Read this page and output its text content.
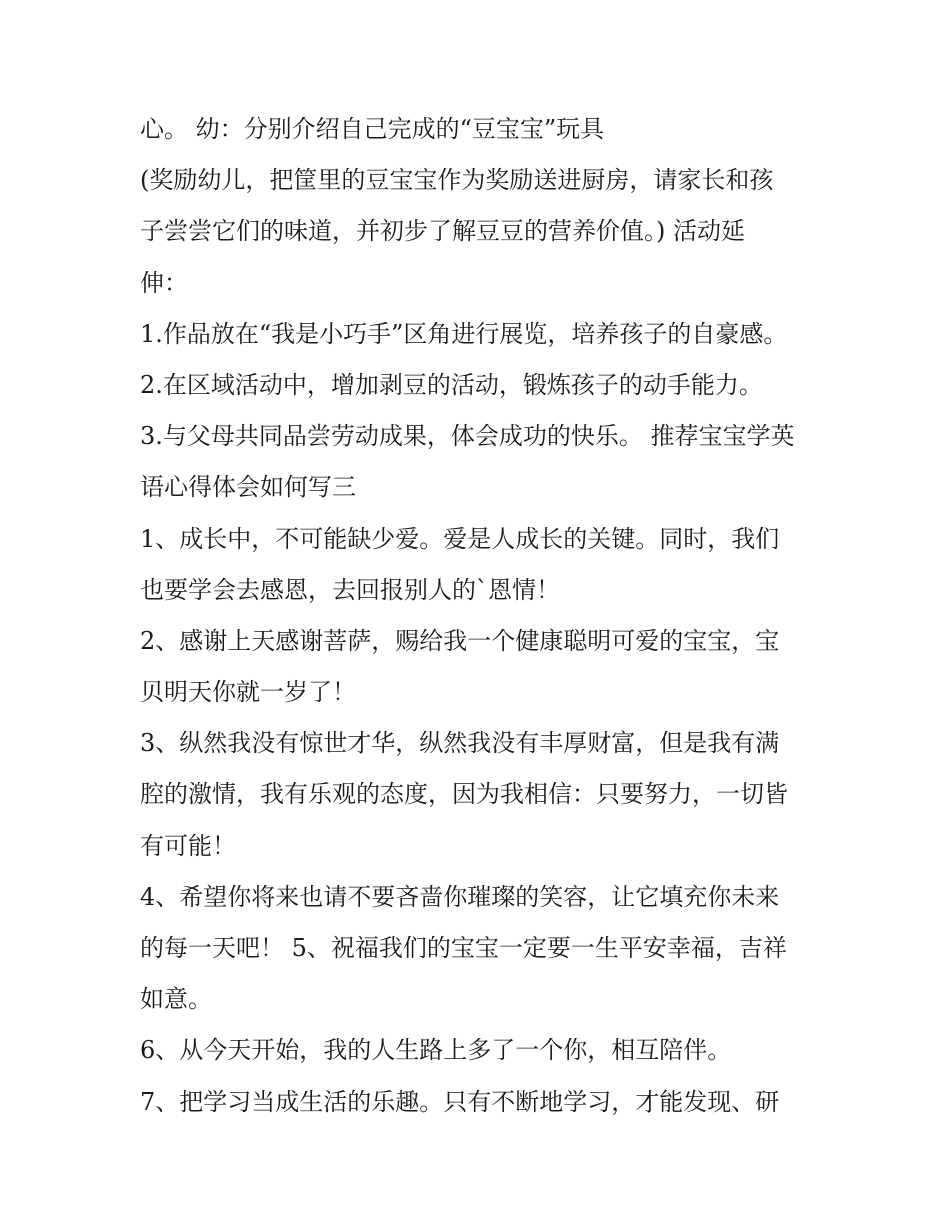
心。 幼：分别介绍自己完成的“豆宝宝”玩具
(奖励幼儿，把筐里的豆宝宝作为奖励送进厨房，请家长和孩
子尝尝它们的味道，并初步了解豆豆的营养价值。) 活动延
伸：
1.作品放在“我是小巧手”区角进行展览，培养孩子的自豪感。
2.在区域活动中，增加剥豆的活动，锻炼孩子的动手能力。
3.与父母共同品尝劳动成果，体会成功的快乐。 推荐宝宝学英
语心得体会如何写三
1、成长中，不可能缺少爱。爱是人成长的关键。同时，我们
也要学会去感恩，去回报别人的`恩情！
2、感谢上天感谢菩萨，赐给我一个健康聪明可爱的宝宝，宝
贝明天你就一岁了！
3、纵然我没有惊世才华，纵然我没有丰厚财富，但是我有满
腔的激情，我有乐观的态度，因为我相信：只要努力，一切皆
有可能！
4、希望你将来也请不要吝啬你璀璨的笑容，让它填充你未来
的每一天吧！ 5、祝福我们的宝宝一定要一生平安幸福，吉祥
如意。
6、从今天开始，我的人生路上多了一个你，相互陪伴。
7、把学习当成生活的乐趣。只有不断地学习，才能发现、研
